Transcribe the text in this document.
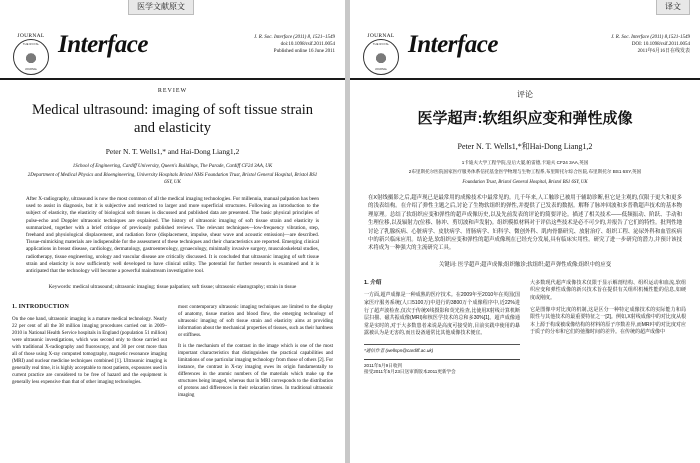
医学文献原文
JOURNAL
THE ROYAL
JOURNAL
Interface	J. R. Soc. Interface (2011) 8, 1521–1549
doi:10.1098/rsif.2011.0054
Published online 16 June 2011
REVIEW
Medical ultrasound: imaging of soft tissue strain and elasticity
Peter N. T. Wells1,* and Hai-Dong Liang1,2
1School of Engineering, Cardiff University, Queen's Buildings, The Parade, Cardiff CF24 3AA, UK
2Department of Medical Physics and Bioengineering, University Hospitals Bristol NHS Foundation Trust, Bristol General Hospital, Bristol BS1 6SY, UK
After X-radiography, ultrasound is now the most common of all the medical imaging technologies. For millennia, manual palpation has been used to assist in diagnosis, but it is subjective and restricted to larger and more superficial structures. Following an introduction to the subject of elasticity, the elasticity of biological soft tissues is discussed and published data are presented. The basic physical principles of pulse-echo and Doppler ultrasonic techniques are explained. The history of ultrasonic imaging of soft tissue strain and elasticity is summarized, together with a brief critique of previously published reviews. The relevant techniques—low-frequency vibration, step, freehand and physiological displacement, and radiation force (displacement, impulse, shear wave and acoustic emission)—are described. Tissue-mimicking materials are indispensible for the assessment of these techniques and their characteristics are reported. Emerging clinical applications in breast disease, cardiology, dermatology, gastroenterology, gynaecology, minimally invasive surgery, musculoskeletal studies, radiotherapy, tissue engineering, urology and vascular disease are critically discussed. It is concluded that ultrasonic imaging of soft tissue strain and elasticity is now sufficiently well developed to have clinical utility. The potential for further research is examined and it is anticipated that the technology will become a powerful mainstream investigative tool.
Keywords: medical ultrasound; ultrasonic imaging; tissue palpation; soft tissue; ultrasonic elastography; strain in tissue
1. INTRODUCTION

On the one hand, ultrasonic imaging is a mature medical technology. Nearly 22 per cent of all the 38 million imaging procedures carried out in 2009–2010 in National Health Service hospitals in England (population 51 million) were ultrasonic investigations, which was second only to those carried out with traditional X-radiography and fluoroscopy, and 30 per cent more than all of those using X-ray computed tomography, magnetic resonance imaging (MRI) and nuclear medicine techniques combined [1]. Ultrasonic imaging is generally real time, it is highly acceptable to most patients, exposures used in current practice are considered to be free of hazard and the equipment is generally less expensive than that of other imaging technologies.

most contemporary ultrasonic imaging techniques are limited to the display of anatomy, tissue motion and blood flow, the emerging technology of ultrasonic imaging of soft tissue strain and elasticity aims at providing information about the mechanical properties of tissues, such as their hardness or stiffness.

It is the mechanism of the contrast in the image which is one of the most important characteristics that distinguishes the practical capabilities and limitations of one particular imaging technology from those of others [2]. For instance, the contrast in X-ray imaging owes its origin fundamentally to differences in the atomic numbers of the materials which make up the structures being imaged, whereas that in MRI corresponds to the distribution of protons and differences in their relaxation times. In traditional ultrasonic imaging

译文
JOURNAL
THE ROYAL
JOURNAL
Interface	J. R. Soc. Interface (2011) 8,1521-1549
DOI: 10.1098/rsif.2011.0054
2011年6月16日在线发表
评论
医学超声:软组织应变和弹性成像
Peter N. T. Wells1,*和Hai-Dong Liang1,2
1卡迪夫大学工程学院,皇后大厦,帕雷德,卡迪夫 CF24 3AA,英国
2布里斯托尔医院国家医疗服务体系信托基金医学物理与生物工程系,布里斯托尔综合医院,布里斯托尔 BS1 6SY,英国
Foundation Trust, Bristol General Hospital, Bristol BS1 6SY, UK
在X射线摄影之后,超声现已是最常用的成像技术中最常见的。几千年来,人工触诊已被用于辅助诊断,但它是主观的,仅限于更大和更多的浅表结构。在介绍了弹性主题之后,讨论了生物软组织的弹性,并提供了已发表的数据。解释了脉冲回波和多普勒超声技术的基本物理原理。总结了软组织应变和弹性的超声成像历史,以及先前发表的评论的简要评论。描述了相关技术——低频振动、阶跃、手动和生理位移,以及辐射力(位移、脉冲、剪切波和声发射)。组织模拟材料对于评估这些技术是必不可少的,并报告了它们的特性。批判性地讨论了乳腺疾病、心脏病学、皮肤病学、胃肠病学、妇科学、微创外科、肌肉骨骼研究、放射治疗、组织工程、泌尿外科和血管疾病中的新兴临床应用。结论是,软组织应变和弹性的超声成像现在已经充分发展,具有临床实用性。研究了进一步研究的潜力,并预计该技术将成为一种强大的主流研究工具。
关键词: 医学超声;超声成像;组织触诊;软组织;超声弹性成像;组织中的应变
1. 介绍

一方面,超声成像是一种成熟的医疗技术。在2009年至2010年在英国(国家医疗服务系统(人口5100万)中进行的3800万个成像程序中,近22%进行了超声波检查,仅次于传统X线摄影和荧光检查,比使用X射线计算机断层扫描、磁共振成像(MRI)和核医学技术的总和多30%[1]。超声成像通常是实时的,对于大多数患者来说是高度可接受的,目前实践中使用的暴露被认为是无害的,而且设备通常比其他成像技术便宜。

*通信作者 (wellspn@cardiff.ac.uk)
2011年5月9日收到
接受2011年5月23日送审新版本2011更新学会

大多数现代超声成像技术仅限于显示解剖结构、组织运动和血流,软组织应变和弹性成像的新兴技术旨在提供有关组织机械性能的信息,如硬度或刚度。

它是图像中对比度的机制,这是区分一种特定成像技术的实际能力和局限性与其他技术的最重要特征之一[2]。例如,X射线成像中的对比度从根本上源于构成被成像结构的材料的原子序数差异,而MRI中的对比度对应于质子的分布和它们的弛豫时间的差异。在传统的超声成像中
